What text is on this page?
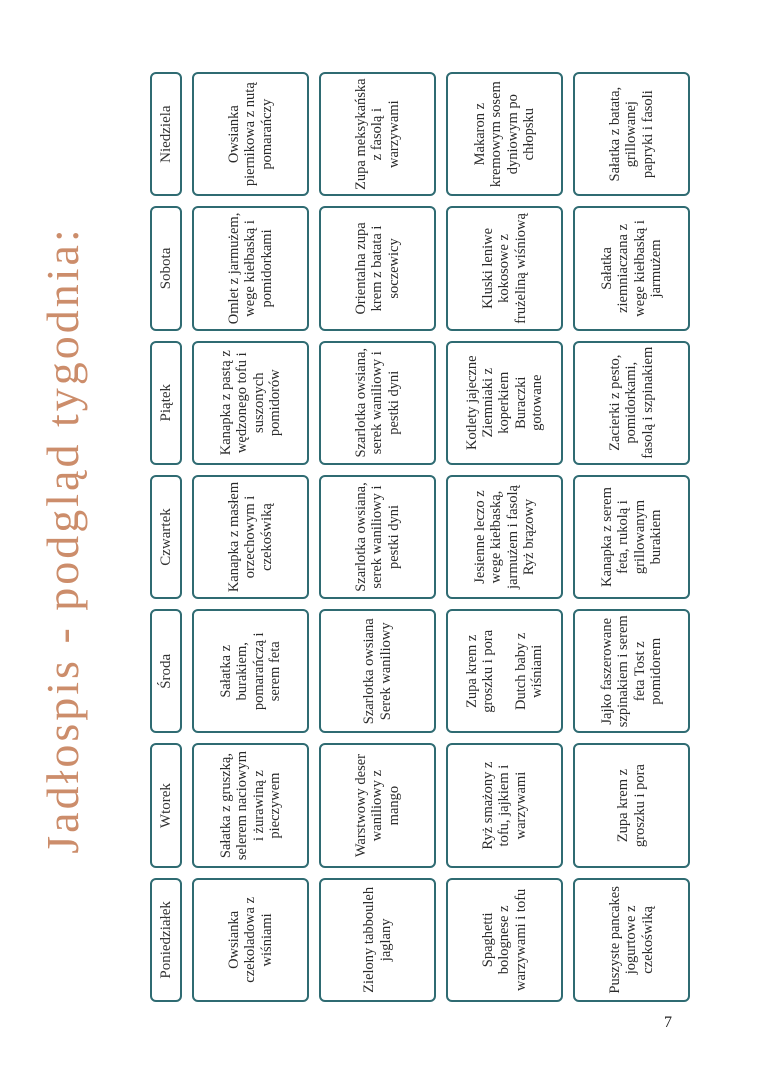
Jadłospis - podgląd tygodnia:
Poniedziałek
Wtorek
Środa
Czwartek
Piątek
Sobota
Niedziela
Owsianka czekoladowa z wiśniami
Sałatka z gruszką, selerem naciowym i żurawiną z pieczywem
Sałatka z burakiem, pomarańczą i serem feta
Kanapka z masłem orzechowym i czekoświką
Kanapka z pastą z wędzonego tofu i suszonych pomidorów
Omlet z jarmużem, wege kiełbaską i pomidorkami
Owsianka piernikowa z nutą pomarańczy
Zielony tabbouleh jaglany
Warstwowy deser waniliowy z mango
Szarlotka owsiana Serek waniliowy
Szarlotka owsiana, serek waniliowy i pestki dyni
Szarlotka owsiana, serek waniliowy i pestki dyni
Orientalna zupa krem z batata i soczewicy
Zupa meksykańska z fasolą i warzywami
Spaghetti bolognese z warzywami i tofu
Ryż smażony z tofu, jajkiem i warzywami
Zupa krem z groszku i pora

Dutch baby z wiśniami
Jesienne leczo z wege kiełbaską, jarmużem i fasolą
Ryż brązowy
Kotlety jajeczne Ziemniaki z koperkiem Buraczki gotowane
Kluski leniwe kokosowe z frużeliną wiśniową
Makaron z kremowym sosem dyniowym po chłopsku
Puszyste pancakes jogurtowe z czekoświką
Zupa krem z groszku i pora
Jajko faszerowane szpinakiem i serem feta Tost z pomidorem
Kanapka z serem feta, rukolą i grillowanym burakiem
Zacierki z pesto, pomidorkami, fasolą i szpinakiem
Sałatka ziemniaczana z wege kiełbaską i jarmużem
Sałatka z batata, grillowanej papryki i fasoli
7
